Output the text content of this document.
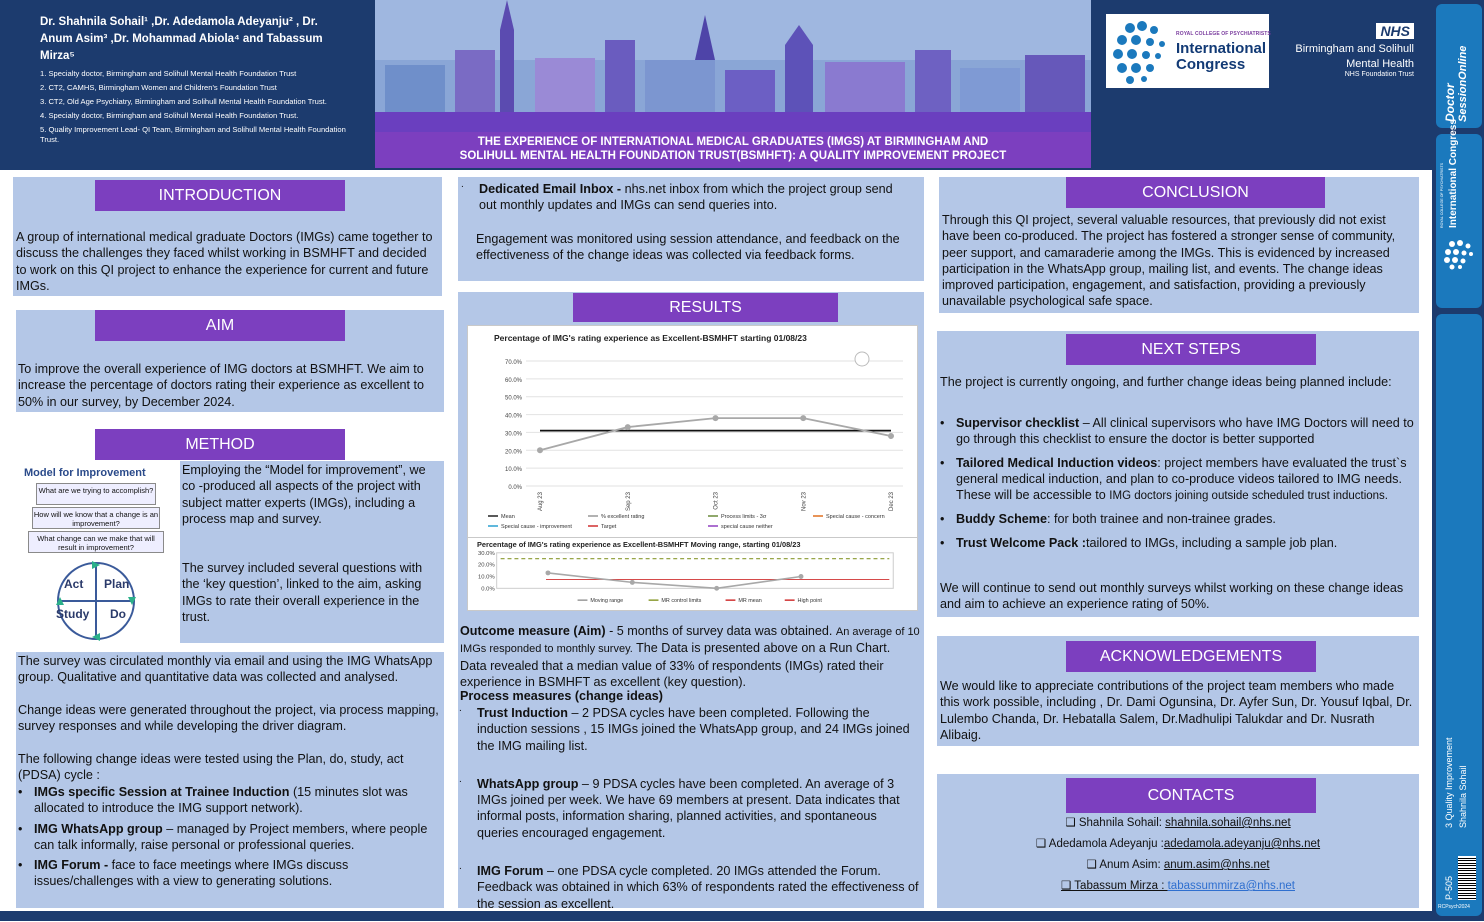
Dr. Shahnila Sohail¹ ,Dr. Adedamola Adeyanju² , Dr. Anum Asim³ ,Dr. Mohammad Abiola⁴ and Tabassum Mirza⁵
1. Specialty doctor, Birmingham and Solihull Mental Health Foundation Trust
2. CT2, CAMHS, Birmingham Women and Children's Foundation Trust
3. CT2, Old Age Psychiatry, Birmingham and Solihull Mental Health Foundation Trust.
4. Specialty doctor, Birmingham and Solihull Mental Health Foundation Trust.
5. Quality Improvement Lead- QI Team, Birmingham and Solihull Mental Health Foundation Trust.	THE EXPERIENCE OF INTERNATIONAL MEDICAL GRADUATES (IMGS) AT BIRMINGHAM AND
SOLIHULL MENTAL HEALTH FOUNDATION TRUST(BSMHFT): A QUALITY IMPROVEMENT PROJECT
ROYAL COLLEGE OF PSYCHIATRISTS
International
Congress
NHS
Birmingham and Solihull
Mental Health
NHS Foundation Trust
Doctor SessionOnline
ROYAL COLLEGE OF PSYCHIATRISTS International Congress
3 Quality Improvement Shahnila Sohail
P-505
RCPsych2024
INTRODUCTION
A group of international medical graduate Doctors (IMGs) came together to discuss the challenges they faced whilst working in BSMHFT and decided to work on this QI project to enhance the experience for current and future IMGs.
AIM
To improve the overall experience of IMG doctors at BSMHFT. We aim to increase the percentage of doctors rating their experience as excellent to 50% in our survey, by December 2024.
METHOD
Model for Improvement
What are we trying to accomplish?
How will we know that a change is an improvement?
What change can we make that will result in improvement?
Act Plan
Study Do
Employing the “Model for improvement”, we co -produced all aspects of the project with subject matter experts (IMGs), including a process map and survey.
The survey included several questions with the ‘key question’, linked to the aim, asking IMGs to rate their overall experience in the trust.
The survey was circulated monthly via email and using the IMG WhatsApp group. Qualitative and quantitative data was collected and analysed.
Change ideas were generated throughout the project, via process mapping, survey responses and while developing the driver diagram.
The following change ideas were tested using the Plan, do, study, act (PDSA) cycle :
• IMGs specific Session at Trainee Induction (15 minutes slot was allocated to introduce the IMG support network).
• IMG WhatsApp group – managed by Project members, where people can talk informally, raise personal or professional queries.
• IMG Forum - face to face meetings where IMGs discuss issues/challenges with a view to generating solutions.
. Dedicated Email Inbox - nhs.net inbox from which the project group send out monthly updates and IMGs can send queries into.
Engagement was monitored using session attendance, and feedback on the effectiveness of the change ideas was collected via feedback forms.
RESULTS
Percentage of IMG's rating experience as Excellent-BSMHFT starting 01/08/23
0.0%
10.0%
20.0%
30.0%
40.0%
50.0%
60.0%
70.0%
Aug 23	Sep 23	Oct 23	Nov 23	Dec 23
Mean	% excellent rating	Process limits - 3σ	Special cause - concern
Special cause - improvement	Target	special cause neither
Percentage of IMG's rating experience as Excellent-BSMHFT Moving range, starting 01/08/23
0.0%
10.0%
20.0%
30.0%
Moving range	MR control limits	MR mean	High point
Outcome measure (Aim) - 5 months of survey data was obtained. An average of 10 IMGs responded to monthly survey. The Data is presented above on a Run Chart. Data revealed that a median value of 33% of respondents (IMGs) rated their experience in BSMHFT as excellent (key question).
Process measures (change ideas)
. Trust Induction – 2 PDSA cycles have been completed. Following the induction sessions , 15 IMGs joined the WhatsApp group, and 24 IMGs joined the IMG mailing list.
. WhatsApp group – 9 PDSA cycles have been completed. An average of 3 IMGs joined per week. We have 69 members at present. Data indicates that informal posts, information sharing, planned activities, and spontaneous queries encouraged engagement.
. IMG Forum – one PDSA cycle completed. 20 IMGs attended the Forum. Feedback was obtained in which 63% of respondents rated the effectiveness of the session as excellent.
CONCLUSION
Through this QI project, several valuable resources, that previously did not exist have been co-produced. The project has fostered a stronger sense of community, peer support, and camaraderie among the IMGs. This is evidenced by increased participation in the WhatsApp group, mailing list, and events. The change ideas improved participation, engagement, and satisfaction, providing a previously unavailable psychological safe space.
NEXT STEPS
The project is currently ongoing, and further change ideas being planned include:
• Supervisor checklist – All clinical supervisors who have IMG Doctors will need to go through this checklist to ensure the doctor is better supported
• Tailored Medical Induction videos: project members have evaluated the trust`s general medical induction, and plan to co-produce videos tailored to IMG needs. These will be accessible to IMG doctors joining outside scheduled trust inductions.
• Buddy Scheme: for both trainee and non-trainee grades.
• Trust Welcome Pack :tailored to IMGs, including a sample job plan.
We will continue to send out monthly surveys whilst working on these change ideas and aim to achieve an experience rating of 50%.
ACKNOWLEDGEMENTS
We would like to appreciate contributions of the project team members who made this work possible, including , Dr. Dami Ogunsina, Dr. Ayfer Sun, Dr. Yousuf Iqbal, Dr. Lulembo Chanda, Dr. Hebatalla Salem, Dr.Madhulipi Talukdar and Dr. Nusrath Alibaig.
CONTACTS
❑ Shahnila Sohail: shahnila.sohail@nhs.net
❑ Adedamola Adeyanju :adedamola.adeyanju@nhs.net
❑ Anum Asim: anum.asim@nhs.net
❑ Tabassum Mirza : tabassummirza@nhs.net
